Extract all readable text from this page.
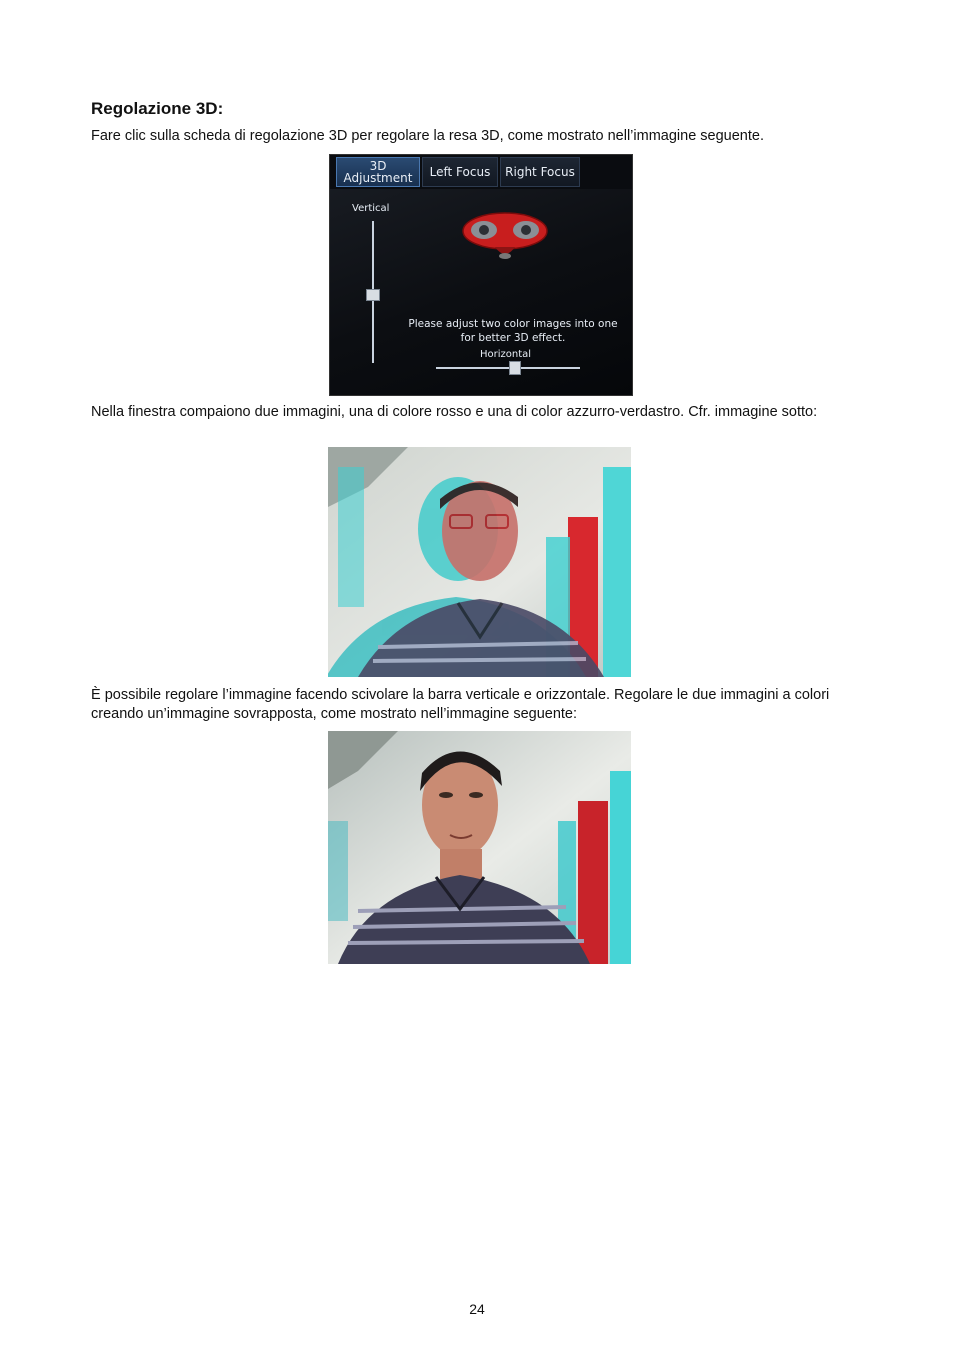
Regolazione 3D:
Fare clic sulla scheda di regolazione 3D per regolare la resa 3D, come mostrato nell’immagine seguente.
3D
Adjustment	Left Focus	Right Focus
Vertical
Please adjust two color images into one
for better 3D effect.
Horizontal
Nella finestra compaiono due immagini, una di colore rosso e una di color azzurro-verdastro. Cfr. immagine sotto:
È possibile regolare l’immagine facendo scivolare la barra verticale e orizzontale. Regolare le due immagini a colori creando un’immagine sovrapposta, come mostrato nell’immagine seguente:
24
